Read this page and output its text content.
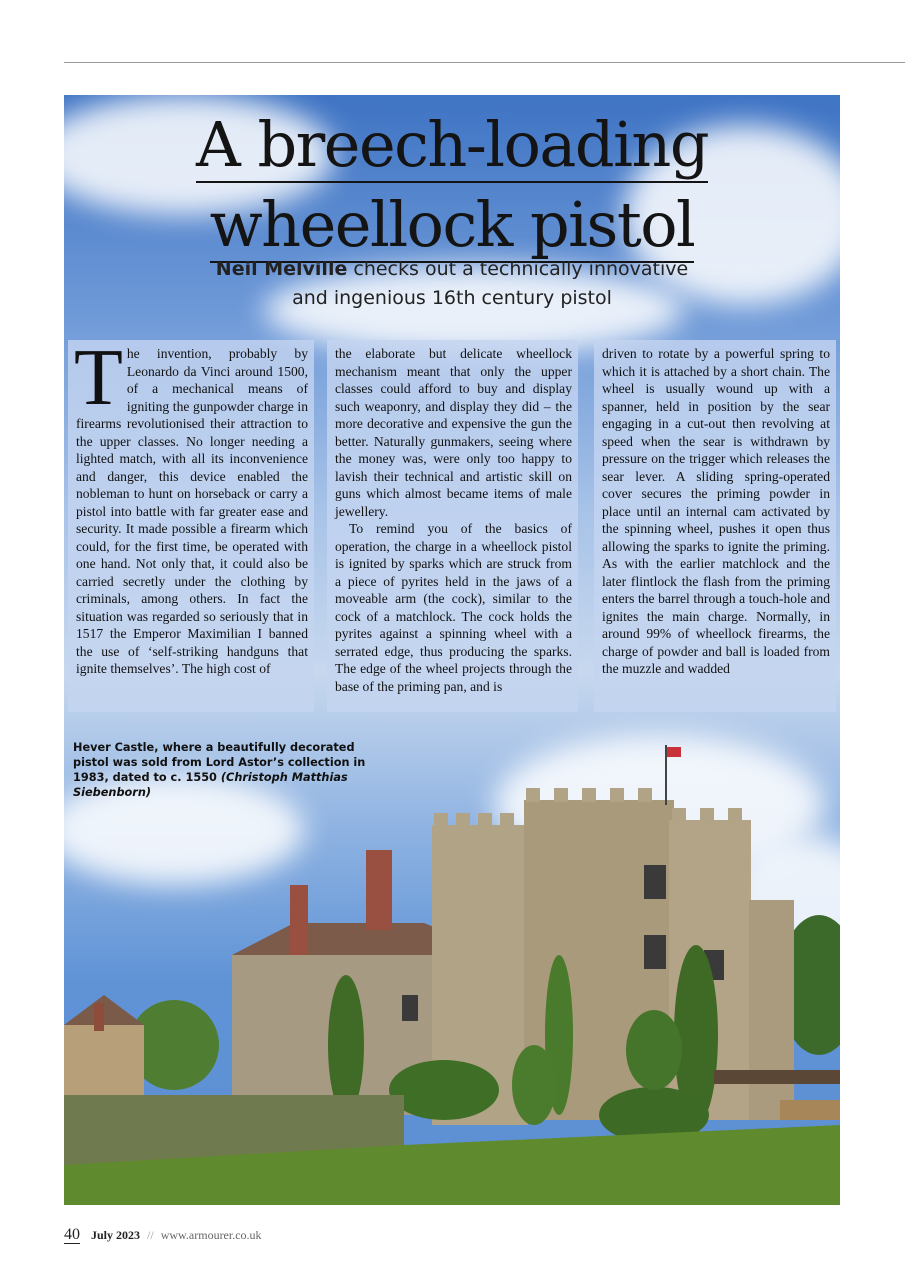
A breech-loading
wheellock pistol
Neil Melville checks out a technically innovative
and ingenious 16th century pistol
T he invention, probably by Leonardo da Vinci around 1500, of a mechanical means of igniting the gunpowder charge in firearms revolutionised their attraction to the upper classes. No longer needing a lighted match, with all its inconvenience and danger, this device enabled the nobleman to hunt on horseback or carry a pistol into battle with far greater ease and security. It made possible a firearm which could, for the first time, be operated with one hand. Not only that, it could also be carried secretly under the clothing by criminals, among others. In fact the situation was regarded so seriously that in 1517 the Emperor Maximilian I banned the use of ‘self-striking handguns that ignite themselves’. The high cost of

the elaborate but delicate wheellock mechanism meant that only the upper classes could afford to buy and display such weaponry, and display they did – the more decorative and expensive the gun the better. Naturally gunmakers, seeing where the money was, were only too happy to lavish their technical and artistic skill on guns which almost became items of male jewellery.

To remind you of the basics of operation, the charge in a wheellock pistol is ignited by sparks which are struck from a piece of pyrites held in the jaws of a moveable arm (the cock), similar to the cock of a matchlock. The cock holds the pyrites against a spinning wheel with a serrated edge, thus producing the sparks. The edge of the wheel projects through the base of the priming pan, and is

driven to rotate by a powerful spring to which it is attached by a short chain. The wheel is usually wound up with a spanner, held in position by the sear engaging in a cut-out then revolving at speed when the sear is withdrawn by pressure on the trigger which releases the sear lever. A sliding spring-operated cover secures the priming powder in place until an internal cam activated by the spinning wheel, pushes it open thus allowing the sparks to ignite the priming. As with the earlier matchlock and the later flintlock the flash from the priming enters the barrel through a touch-hole and ignites the main charge. Normally, in around 99% of wheellock firearms, the charge of powder and ball is loaded from the muzzle and wadded

Hever Castle, where a beautifully decorated pistol was sold from Lord Astor’s collection in 1983, dated to c. 1550 (Christoph Matthias Siebenborn)
40 July 2023 // www.armourer.co.uk
